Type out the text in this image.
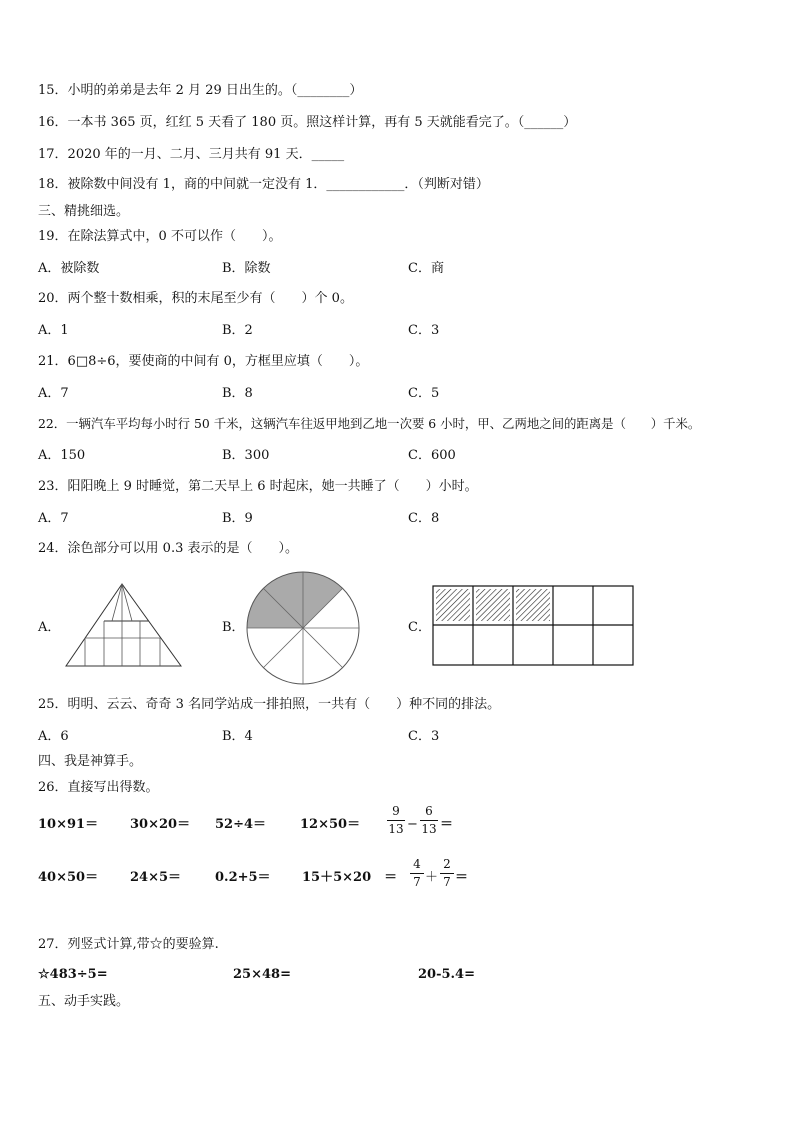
15．小明的弟弟是去年 2 月 29 日出生的。（________）
16．一本书 365 页，红红 5 天看了 180 页。照这样计算，再有 5 天就能看完了。（______）
17．2020 年的一月、二月、三月共有 91 天．_____
18．被除数中间没有 1，商的中间就一定没有 1．____________．（判断对错）
三、精挑细选。
19．在除法算式中，0 不可以作（　　）。
A．被除数	B．除数	C．商
20．两个整十数相乘，积的末尾至少有（　　）个 0。
A．1	B．2	C．3
21．6□8÷6，要使商的中间有 0，方框里应填（　　）。
A．7	B．8	C．5
22．一辆汽车平均每小时行 50 千米，这辆汽车往返甲地到乙地一次要 6 小时，甲、乙两地之间的距离是（　　）千米。
A．150	B．300	C．600
23．阳阳晚上 9 时睡觉，第二天早上 6 时起床，她一共睡了（　　）小时。
A．7	B．9	C．8
24．涂色部分可以用 0.3 表示的是（　　）。
A．	B．	C．
25．明明、云云、奇奇 3 名同学站成一排拍照，一共有（　　）种不同的排法。
A．6	B．4	C．3
四、我是神算手。
26．直接写出得数。
10×91＝ 30×20＝ 52÷4＝	12×50＝
9
13 −
6
13 ＝
40×50＝ 24×5＝	0.2+5＝ 15＋5×20　＝
4
7 ＋
2
7 ＝
27．列竖式计算,带☆的要验算.
☆483÷5=	25×48=	20-5.4=
五、动手实践。
